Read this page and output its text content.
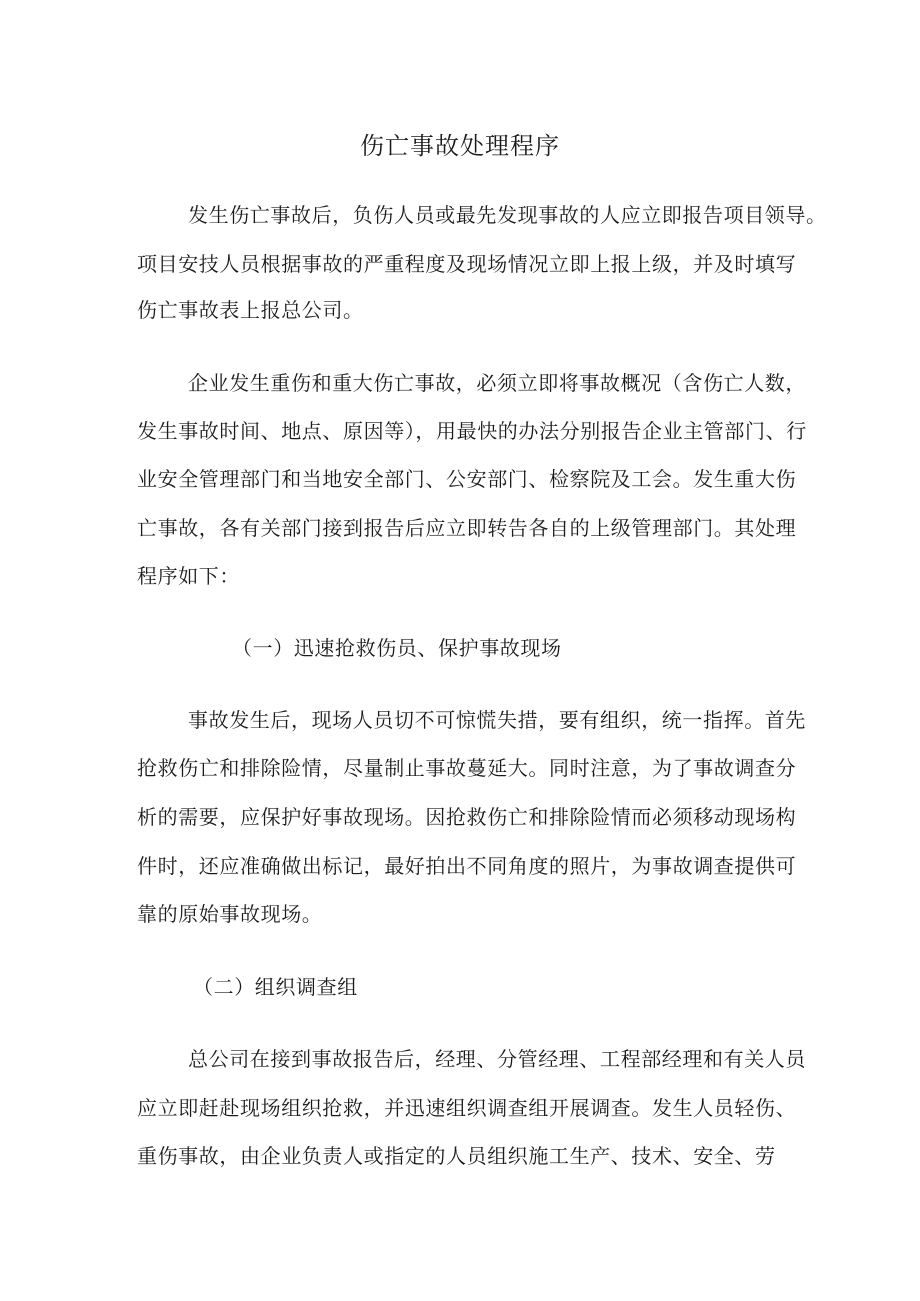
伤亡事故处理程序
发生伤亡事故后，负伤人员或最先发现事故的人应立即报告项目领导。
项目安技人员根据事故的严重程度及现场情况立即上报上级，并及时填写
伤亡事故表上报总公司。
企业发生重伤和重大伤亡事故，必须立即将事故概况（含伤亡人数，
发生事故时间、地点、原因等），用最快的办法分别报告企业主管部门、行
业安全管理部门和当地安全部门、公安部门、检察院及工会。发生重大伤
亡事故，各有关部门接到报告后应立即转告各自的上级管理部门。其处理
程序如下：
（一）迅速抢救伤员、保护事故现场
事故发生后，现场人员切不可惊慌失措，要有组织，统一指挥。首先
抢救伤亡和排除险情，尽量制止事故蔓延大。同时注意，为了事故调查分
析的需要，应保护好事故现场。因抢救伤亡和排除险情而必须移动现场构
件时，还应准确做出标记，最好拍出不同角度的照片，为事故调查提供可
靠的原始事故现场。
（二）组织调查组
总公司在接到事故报告后，经理、分管经理、工程部经理和有关人员
应立即赶赴现场组织抢救，并迅速组织调查组开展调查。发生人员轻伤、
重伤事故，由企业负责人或指定的人员组织施工生产、技术、安全、劳
